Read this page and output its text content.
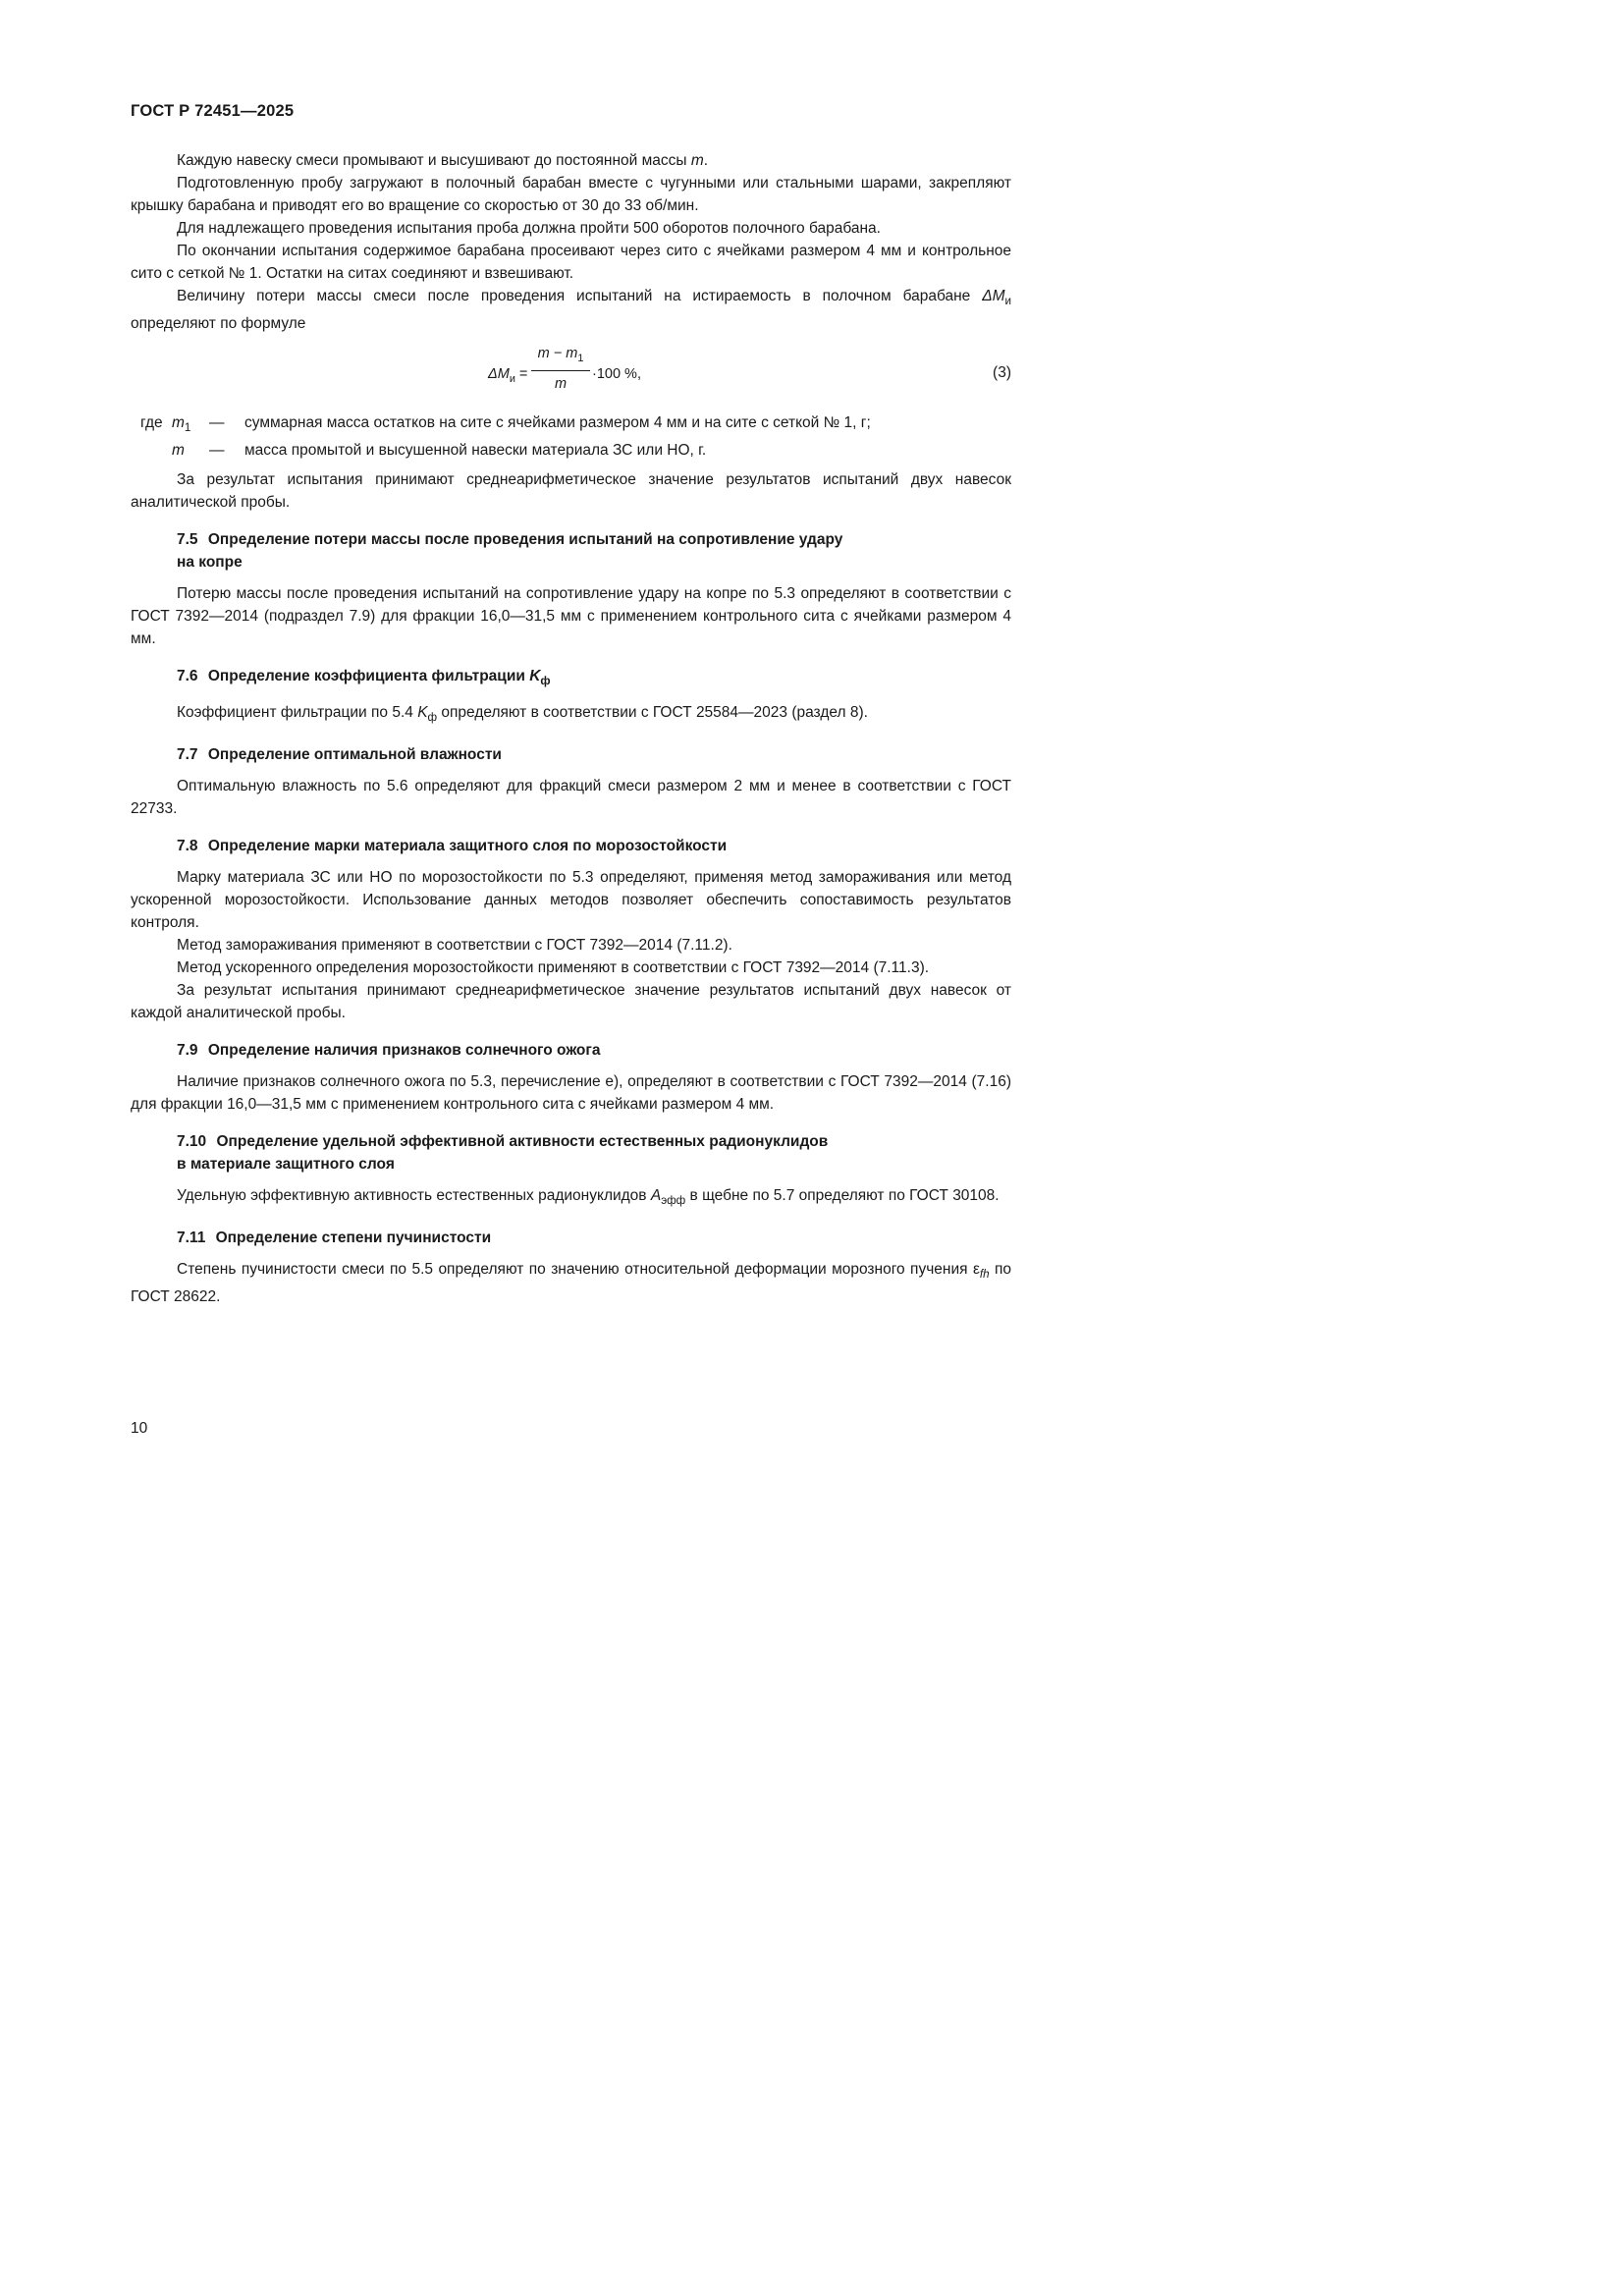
ГОСТ Р 72451—2025

Каждую навеску смеси промывают и высушивают до постоянной массы m.

Подготовленную пробу загружают в полочный барабан вместе с чугунными или стальными шарами, закрепляют крышку барабана и приводят его во вращение со скоростью от 30 до 33 об/мин.

Для надлежащего проведения испытания проба должна пройти 500 оборотов полочного барабана.

По окончании испытания содержимое барабана просеивают через сито с ячейками размером 4 мм и контрольное сито с сеткой № 1. Остатки на ситах соединяют и взвешивают.

Величину потери массы смеси после проведения испытаний на истираемость в полочном барабане $\Delta M_и$ определяют по формуле

$\Delta M_и$ =
$m - m_1$
m
·100 %,	(3)
где $m_1$	— суммарная масса остатков на сите с ячейками размером 4 мм и на сите с сеткой № 1, г;
m	— масса промытой и высушенной навески материала ЗС или НО, г.

За результат испытания принимают среднеарифметическое значение результатов испытаний двух навесок аналитической пробы.

7.5 Определение потери массы после проведения испытаний на сопротивление удару
на копре

Потерю массы после проведения испытаний на сопротивление удару на копре по 5.3 определяют в соответствии с ГОСТ 7392—2014 (подраздел 7.9) для фракции 16,0—31,5 мм с применением контрольного сита с ячейками размером 4 мм.

7.6 Определение коэффициента фильтрации $K_ф$

Коэффициент фильтрации по 5.4 $K_ф$ определяют в соответствии с ГОСТ 25584—2023 (раздел 8).

7.7 Определение оптимальной влажности

Оптимальную влажность по 5.6 определяют для фракций смеси размером 2 мм и менее в соответствии с ГОСТ 22733.

7.8 Определение марки материала защитного слоя по морозостойкости

Марку материала ЗС или НО по морозостойкости по 5.3 определяют, применяя метод замораживания или метод ускоренной морозостойкости. Использование данных методов позволяет обеспечить сопоставимость результатов контроля.

Метод замораживания применяют в соответствии с ГОСТ 7392—2014 (7.11.2).

Метод ускоренного определения морозостойкости применяют в соответствии с ГОСТ 7392—2014 (7.11.3).

За результат испытания принимают среднеарифметическое значение результатов испытаний двух навесок от каждой аналитической пробы.

7.9 Определение наличия признаков солнечного ожога

Наличие признаков солнечного ожога по 5.3, перечисление е), определяют в соответствии с ГОСТ 7392—2014 (7.16) для фракции 16,0—31,5 мм с применением контрольного сита с ячейками размером 4 мм.

7.10 Определение удельной эффективной активности естественных радионуклидов
в материале защитного слоя

Удельную эффективную активность естественных радионуклидов $A_{эфф}$ в щебне по 5.7 определяют по ГОСТ 30108.

7.11 Определение степени пучинистости

Степень пучинистости смеси по 5.5 определяют по значению относительной деформации морозного пучения $\varepsilon_{fh}$ по ГОСТ 28622.

10
